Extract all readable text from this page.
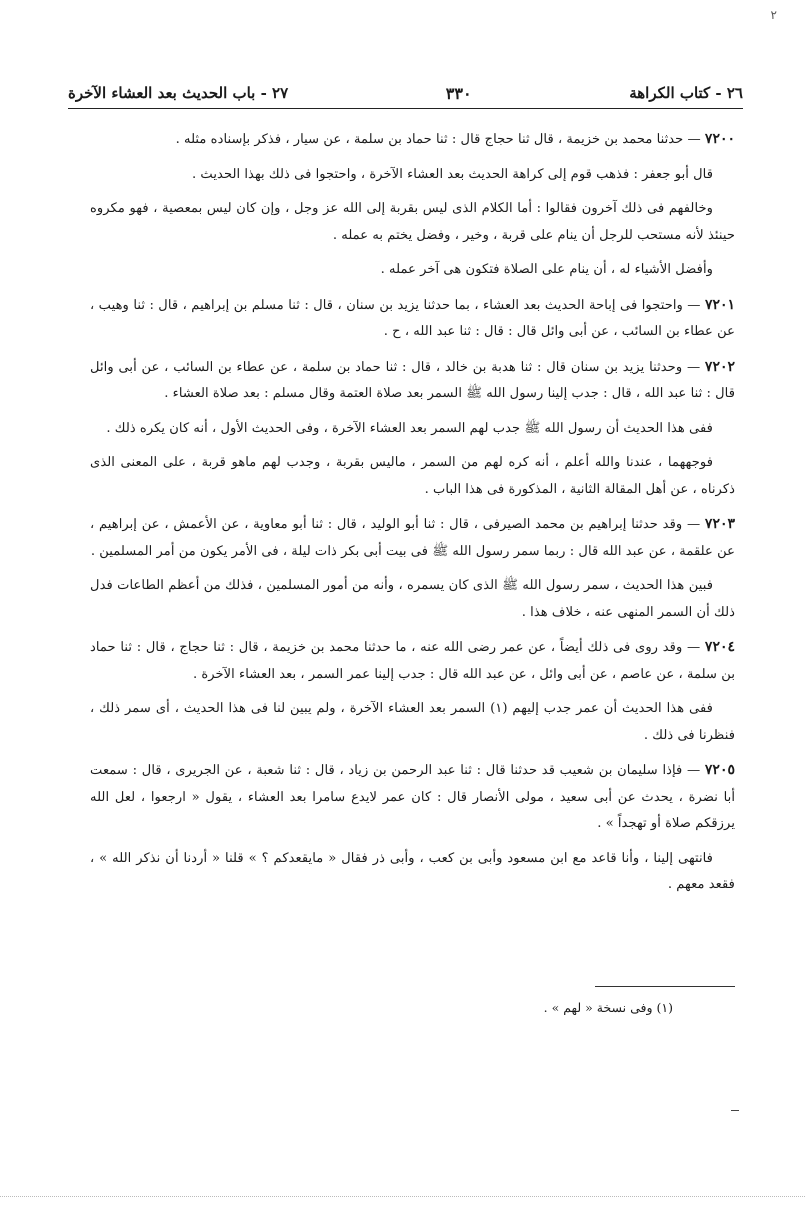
۲
٢٦ - كتاب الكراهة
٣٣٠
٢٧ - باب الحديث بعد العشاء الآخرة

٧٢٠٠ — حدثنا محمد بن خزيمة ، قال ثنا حجاج قال : ثنا حماد بن سلمة ، عن سيار ، فذكر بإسناده مثله .

قال أبو جعفر : فذهب قوم إلى كراهة الحديث بعد العشاء الآخرة ، واحتجوا فى ذلك بهذا الحديث .

وخالفهم فى ذلك آخرون فقالوا : أما الكلام الذى ليس بقربة إلى الله عز وجل ، وإن كان ليس بمعصية ، فهو مكروه حينئذ لأنه مستحب للرجل أن ينام على قربة ، وخير ، وفضل يختم به عمله .

وأفضل الأشياء له ، أن ينام على الصلاة فتكون هى آخر عمله .

٧٢٠١ — واحتجوا فى إباحة الحديث بعد العشاء ، بما حدثنا يزيد بن سنان ، قال : ثنا مسلم بن إبراهيم ، قال : ثنا وهيب ، عن عطاء بن السائب ، عن أبى وائل قال : قال : ثنا عبد الله ، ح .

٧٢٠٢ — وحدثنا يزيد بن سنان قال : ثنا هدبة بن خالد ، قال : ثنا حماد بن سلمة ، عن عطاء بن السائب ، عن أبى وائل قال : ثنا عبد الله ، قال : جدب إلينا رسول الله ﷺ السمر بعد صلاة العتمة وقال مسلم : بعد صلاة العشاء .

ففى هذا الحديث أن رسول الله ﷺ جدب لهم السمر بعد العشاء الآخرة ، وفى الحديث الأول ، أنه كان يكره ذلك .

فوجههما ، عندنا والله أعلم ، أنه كره لهم من السمر ، ماليس بقربة ، وجدب لهم ماهو قربة ، على المعنى الذى ذكرناه ، عن أهل المقالة الثانية ، المذكورة فى هذا الباب .

٧٢٠٣ — وقد حدثنا إبراهيم بن محمد الصيرفى ، قال : ثنا أبو الوليد ، قال : ثنا أبو معاوية ، عن الأعمش ، عن إبراهيم ، عن علقمة ، عن عبد الله قال : ربما سمر رسول الله ﷺ فى بيت أبى بكر ذات ليلة ، فى الأمر يكون من أمر المسلمين .

فبين هذا الحديث ، سمر رسول الله ﷺ الذى كان يسمره ، وأنه من أمور المسلمين ، فذلك من أعظم الطاعات فدل ذلك أن السمر المنهى عنه ، خلاف هذا .

٧٢٠٤ — وقد روى فى ذلك أيضاً ، عن عمر رضى الله عنه ، ما حدثنا محمد بن خزيمة ، قال : ثنا حجاج ، قال : ثنا حماد بن سلمة ، عن عاصم ، عن أبى وائل ، عن عبد الله قال : جدب إلينا عمر السمر ، بعد العشاء الآخرة .

ففى هذا الحديث أن عمر جدب إليهم (١) السمر بعد العشاء الآخرة ، ولم يبين لنا فى هذا الحديث ، أى سمر ذلك ، فنظرنا فى ذلك .

٧٢٠٥ — فإذا سليمان بن شعيب قد حدثنا قال : ثنا عبد الرحمن بن زياد ، قال : ثنا شعبة ، عن الجريرى ، قال : سمعت أبا نضرة ، يحدث عن أبى سعيد ، مولى الأنصار قال : كان عمر لايدع سامرا بعد العشاء ، يقول « ارجعوا ، لعل الله يرزقكم صلاة أو تهجداً » .

فانتهى إلينا ، وأنا قاعد مع ابن مسعود وأبى بن كعب ، وأبى ذر فقال « مايقعدكم ؟ » قلنا « أردنا أن نذكر الله » ، فقعد معهم .

(١) وفى نسخة « لهم » .
